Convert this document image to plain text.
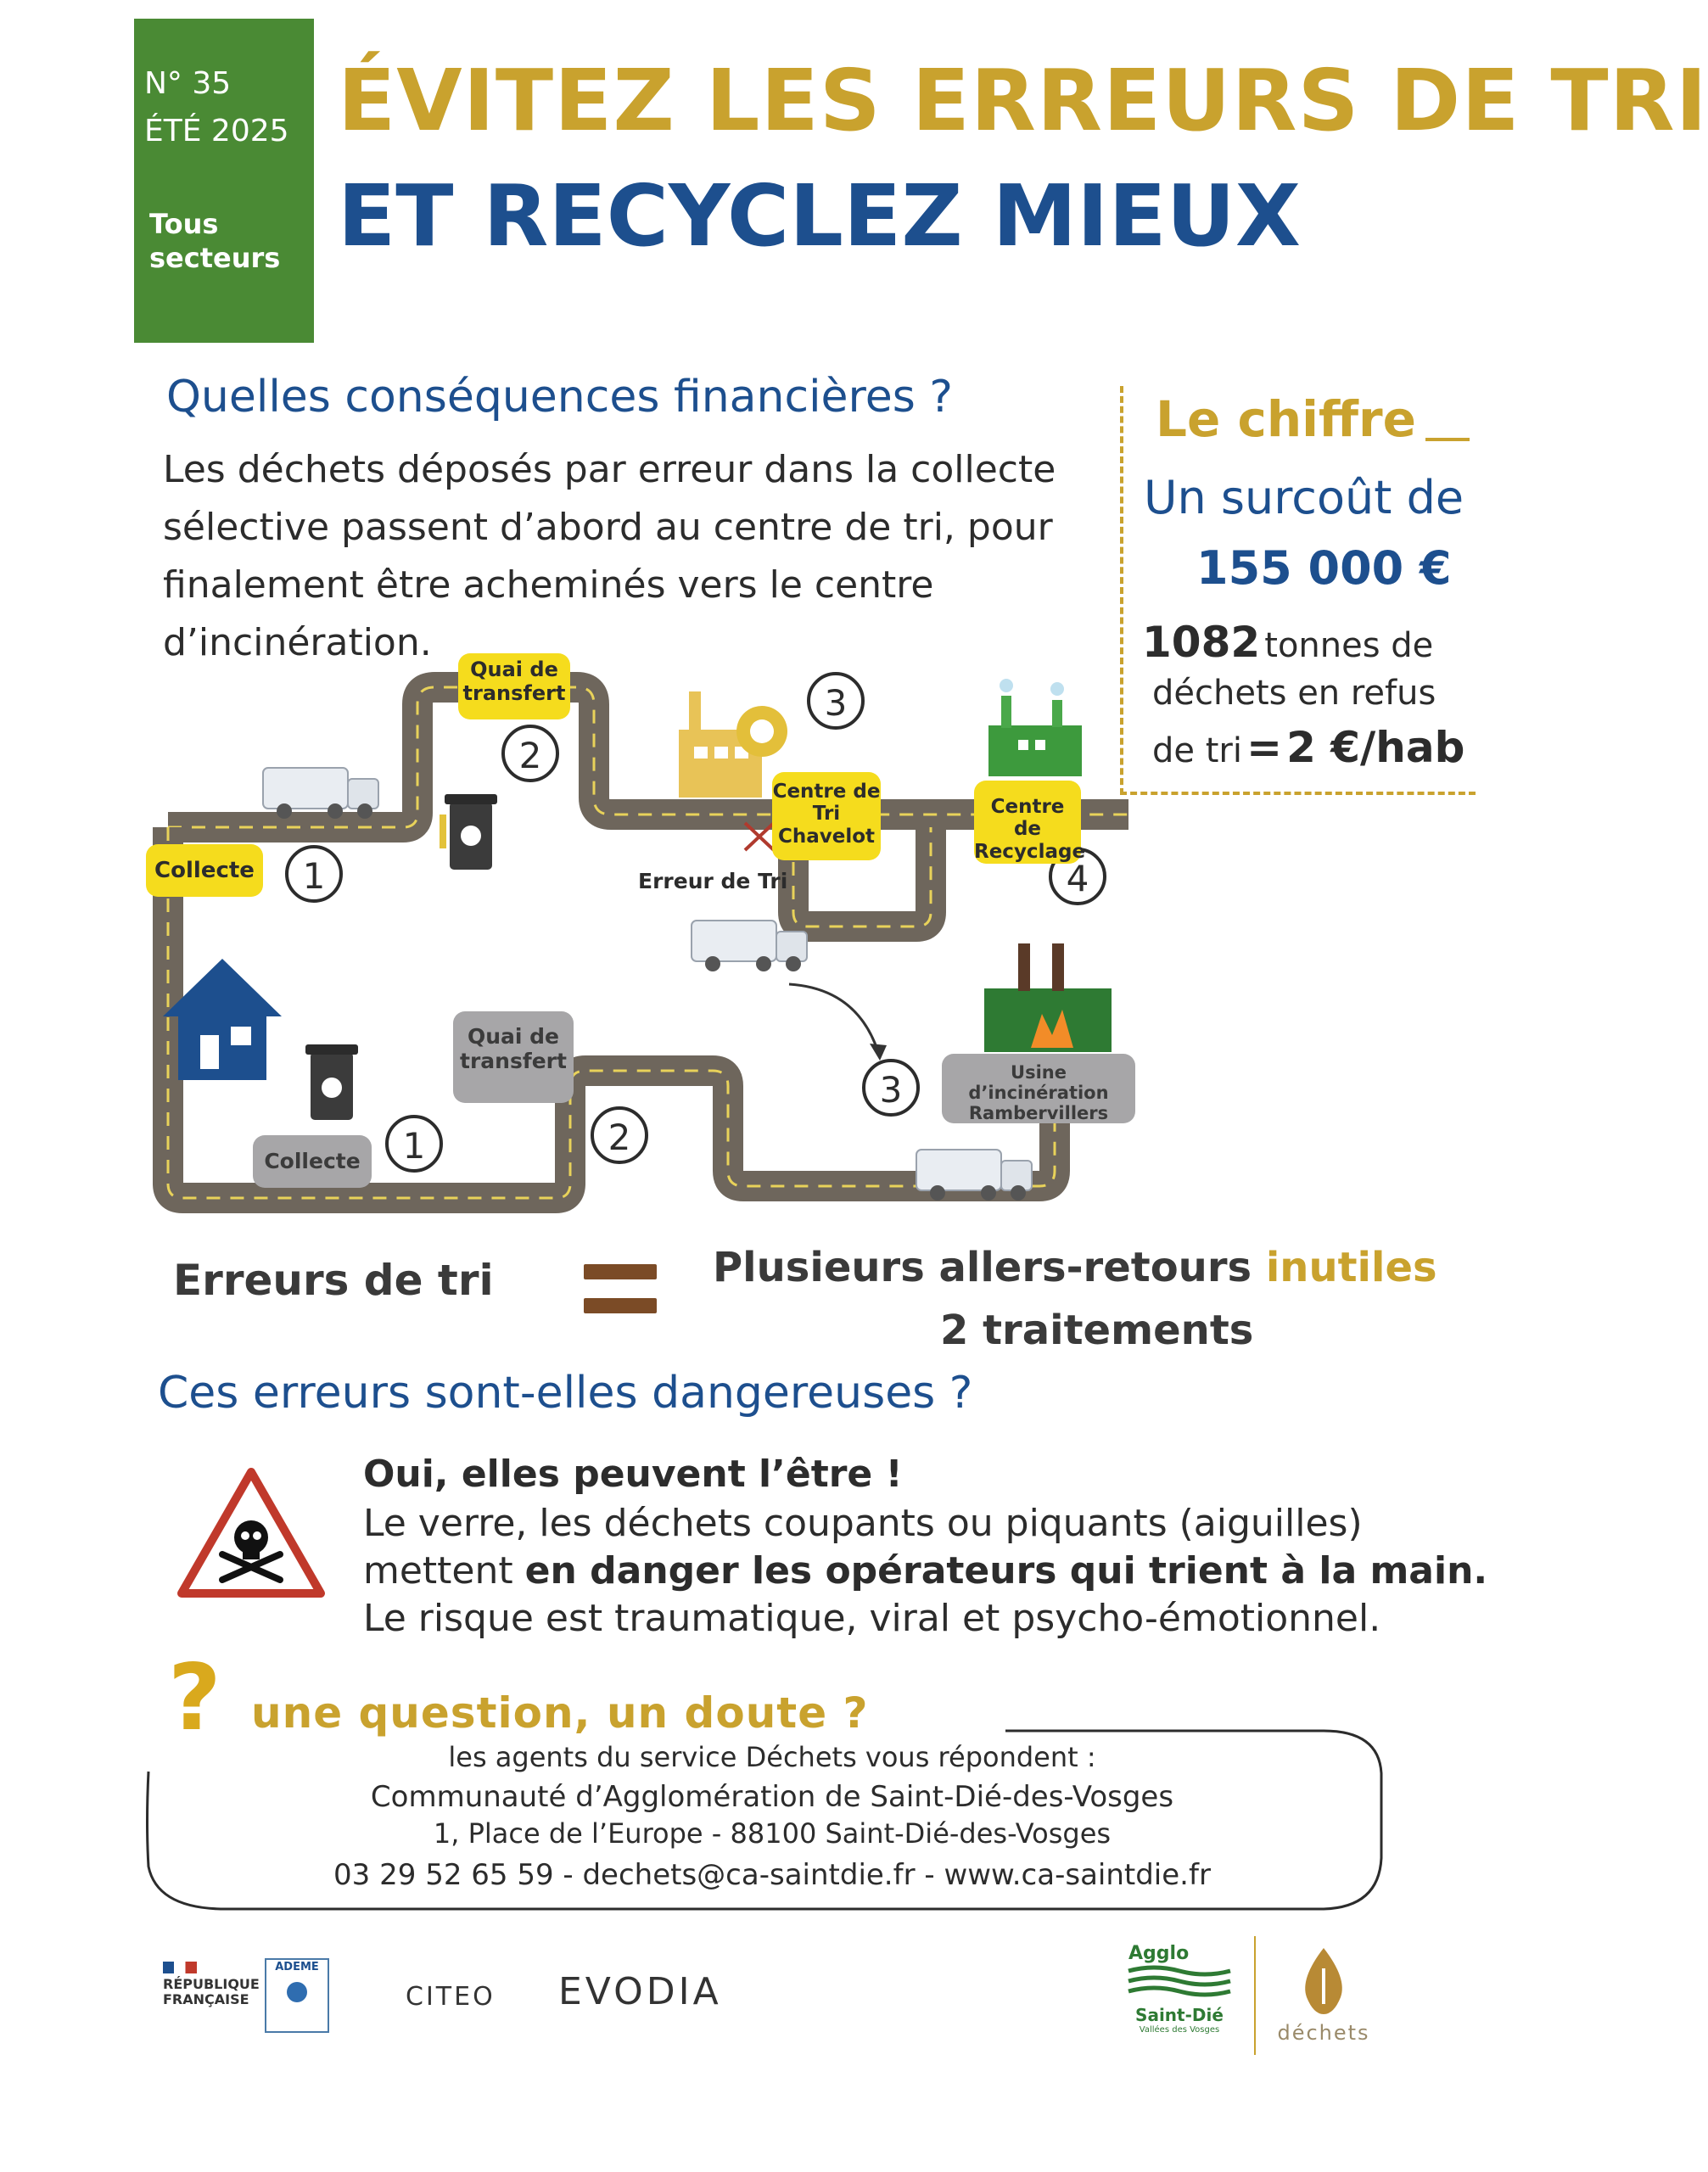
N° 35
ÉTÉ 2025
Tous
secteurs
ÉVITEZ LES ERREURS DE TRI
ET RECYCLEZ MIEUX
Quelles conséquences financières ?
Les déchets déposés par erreur dans la collecte
sélective passent d’abord au centre de tri, pour
finalement être acheminés vers le centre d’incinération.
Le chiffre
Un surcoût de
155 000 €
1082 tonnes de
déchets en refus
de tri = 2 €/hab
Collecte
Quai de
transfert
Centre de
Tri
Chavelot
Centre de
Recyclage
Erreur de Tri
Quai de
transfert	Usine d’incinération
Rambervillers
Collecte
1
2
3
4
3
2
1
Erreurs de tri	Plusieurs allers-retours inutiles
2 traitements
Ces erreurs sont-elles dangereuses ?
Oui, elles peuvent l’être !
Le verre, les déchets coupants ou piquants (aiguilles)
mettent en danger les opérateurs qui trient à la main.
Le risque est traumatique, viral et psycho-émotionnel.
? une question, un doute ?
les agents du service Déchets vous répondent :
Communauté d’Agglomération de Saint-Dié-des-Vosges
1, Place de l’Europe - 88100 Saint-Dié-des-Vosges
03 29 52 65 59 - dechets@ca-saintdie.fr - www.ca-saintdie.fr
RÉPUBLIQUE
FRANÇAISE
ADEME
CITEO EVODIA
Agglo
Saint-Dié
Vallées des Vosges	déchets
